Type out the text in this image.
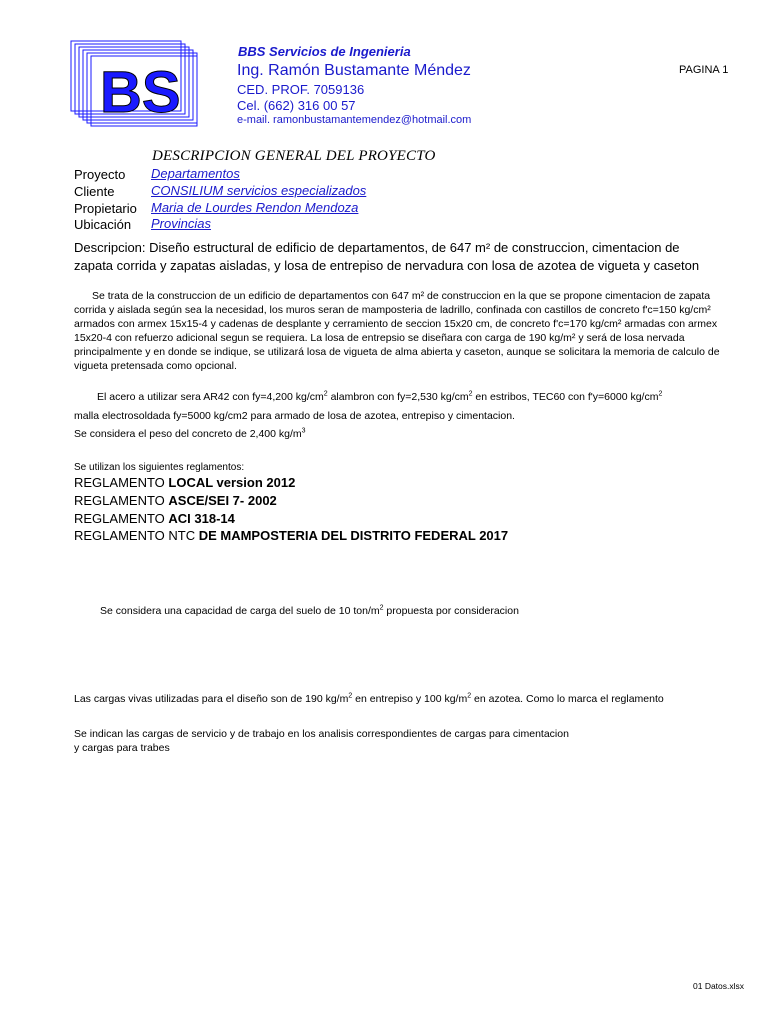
BS
BBS Servicios de Ingenieria
Ing. Ramón Bustamante Méndez
CED. PROF. 7059136
Cel. (662) 316 00 57
e-mail. ramonbustamantemendez@hotmail.com
PAGINA 1
DESCRIPCION GENERAL DEL PROYECTO
Proyecto Departamentos
Cliente	CONSILIUM servicios especializados
Propietario Maria de Lourdes Rendon Mendoza
Ubicación Provincias
Descripcion: Diseño estructural de edificio de departamentos, de 647 m² de construccion, cimentacion de zapata corrida y zapatas aisladas, y losa de entrepiso de nervadura con losa de azotea de vigueta y caseton
Se trata de la construccion de un edificio de departamentos con 647 m² de construccion en la que se propone cimentacion de zapata corrida y aislada según sea la necesidad, los muros seran de mamposteria de ladrillo, confinada con castillos de concreto f'c=150 kg/cm² armados con armex 15x15-4 y cadenas de desplante y cerramiento de seccion 15x20 cm, de concreto f'c=170 kg/cm² armadas con armex 15x20-4 con refuerzo adicional segun se requiera. La losa de entrepsio se diseñara con carga de 190 kg/m² y será de losa nervada principalmente y en donde se indique, se utilizará losa de vigueta de alma abierta y caseton, aunque se solicitara la memoria de calculo de vigueta pretensada como opcional.
El acero a utilizar sera AR42 con fy=4,200 $kg/cm^2$ alambron con fy=2,530 $kg/cm^2$ en estribos, TEC60 con f'y=6000 $kg/cm^2$
malla electrosoldada fy=5000 kg/cm2 para armado de losa de azotea, entrepiso y cimentacion.
Se considera el peso del concreto de 2,400 $kg/m^3$
Se utilizan los siguientes reglamentos:
REGLAMENTO LOCAL version 2012
REGLAMENTO ASCE/SEI 7- 2002
REGLAMENTO ACI 318-14
REGLAMENTO NTC DE MAMPOSTERIA DEL DISTRITO FEDERAL 2017
Se considera una capacidad de carga del suelo de 10 ton/$m^2$ propuesta por consideracion
Las cargas vivas utilizadas para el diseño son de 190 $kg/m^2$ en entrepiso y 100 $kg/m^2$ en azotea. Como lo marca el reglamento
Se indican las cargas de servicio y de trabajo en los analisis correspondientes de cargas para cimentacion
y cargas para trabes
01 Datos.xlsx
